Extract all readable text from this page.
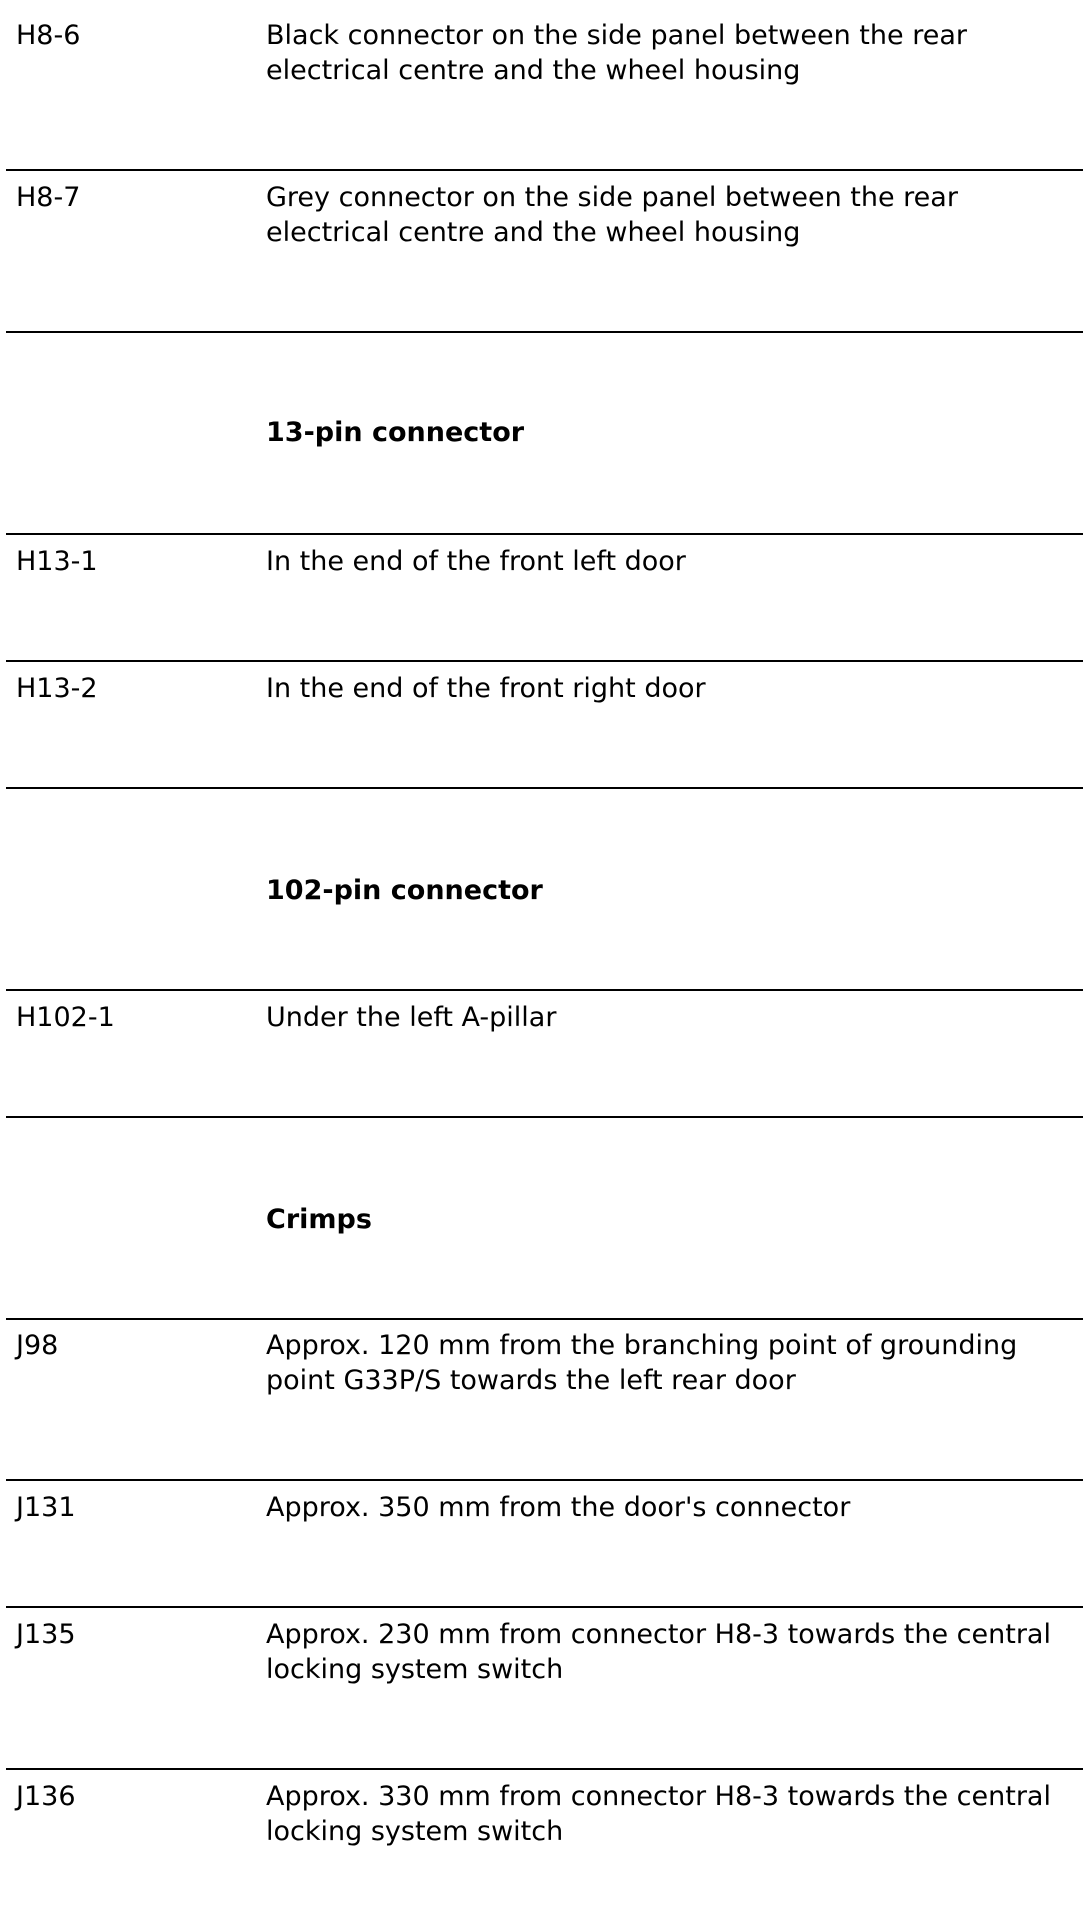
H8-6	Black connector on the side panel between the rear electrical centre and the wheel housing
H8-7	Grey connector on the side panel between the rear electrical centre and the wheel housing
13-pin connector
H13-1	In the end of the front left door
H13-2	In the end of the front right door
102-pin connector
H102-1	Under the left A-pillar
Crimps
J98	Approx. 120 mm from the branching point of grounding point G33P/S towards the left rear door
J131	Approx. 350 mm from the door's connector
J135	Approx. 230 mm from connector H8-3 towards the central locking system switch
J136	Approx. 330 mm from connector H8-3 towards the central locking system switch
